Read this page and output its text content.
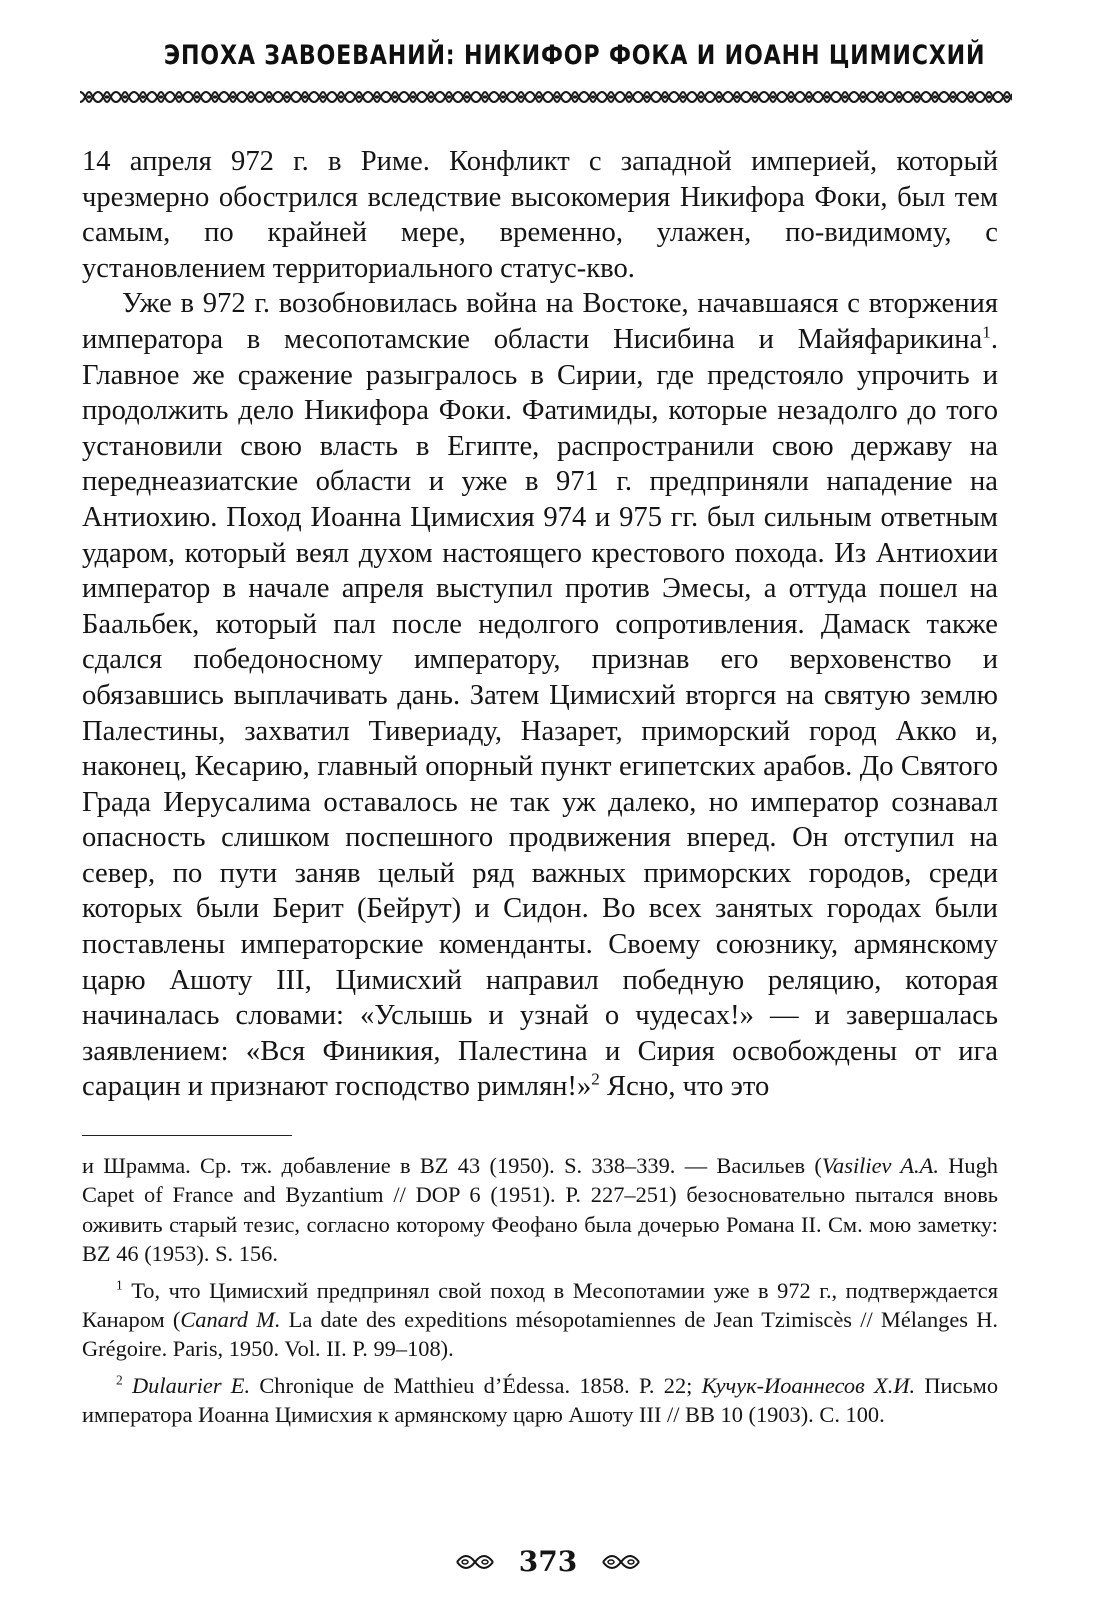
ЭПОХА ЗАВОЕВАНИЙ: НИКИФОР ФОКА И ИОАНН ЦИМИСХИЙ

14 апреля 972 г. в Риме. Конфликт с западной империей, который чрезмерно обострился вследствие высокомерия Никифора Фоки, был тем самым, по крайней мере, временно, улажен, по-видимому, с установлением территориального статус-кво.

Уже в 972 г. возобновилась война на Востоке, начавшаяся с вторжения императора в месопотамские области Нисибина и Майяфарикина$^1$. Главное же сражение разыгралось в Сирии, где предстояло упрочить и продолжить дело Никифора Фоки. Фатимиды, которые незадолго до того установили свою власть в Египте, распространили свою державу на переднеазиатские области и уже в 971 г. предприняли нападение на Антиохию. Поход Иоанна Цимисхия 974 и 975 гг. был сильным ответным ударом, который веял духом настоящего крестового похода. Из Антиохии император в начале апреля выступил против Эмесы, а оттуда пошел на Баальбек, который пал после недолгого сопротивления. Дамаск также сдался победоносному императору, признав его верховенство и обязавшись выплачивать дань. Затем Цимисхий вторгся на святую землю Палестины, захватил Тивериаду, Назарет, приморский город Акко и, наконец, Кесарию, главный опорный пункт египетских арабов. До Святого Града Иерусалима оставалось не так уж далеко, но император сознавал опасность слишком поспешного продвижения вперед. Он отступил на север, по пути заняв целый ряд важных приморских городов, среди которых были Берит (Бейрут) и Сидон. Во всех занятых городах были поставлены императорские коменданты. Своему союзнику, армянскому царю Ашоту III, Цимисхий направил победную реляцию, которая начиналась словами: «Услышь и узнай о чудесах!» — и завершалась заявлением: «Вся Финикия, Палестина и Сирия освобождены от ига сарацин и признают господство римлян!»$^2$ Ясно, что это

и Шрамма. Ср. тж. добавление в BZ 43 (1950). S. 338–339. — Васильев (Vasiliev A.A. Hugh Capet of France and Byzantium // DOP 6 (1951). P. 227–251) безосновательно пытался вновь оживить старый тезис, согласно которому Феофано была дочерью Романа II. См. мою заметку: BZ 46 (1953). S. 156.

$^1$ То, что Цимисхий предпринял свой поход в Месопотамии уже в 972 г., подтверждается Канаром (Canard M. La date des expeditions mésopotamiennes de Jean Tzimiscès // Mélanges H. Grégoire. Paris, 1950. Vol. II. P. 99–108).

$^2$ Dulaurier E. Chronique de Matthieu d’Édessa. 1858. P. 22; Кучук-Иоаннесов Х.И. Письмо императора Иоанна Цимисхия к армянскому царю Ашоту III // ВВ 10 (1903). С. 100.

373
